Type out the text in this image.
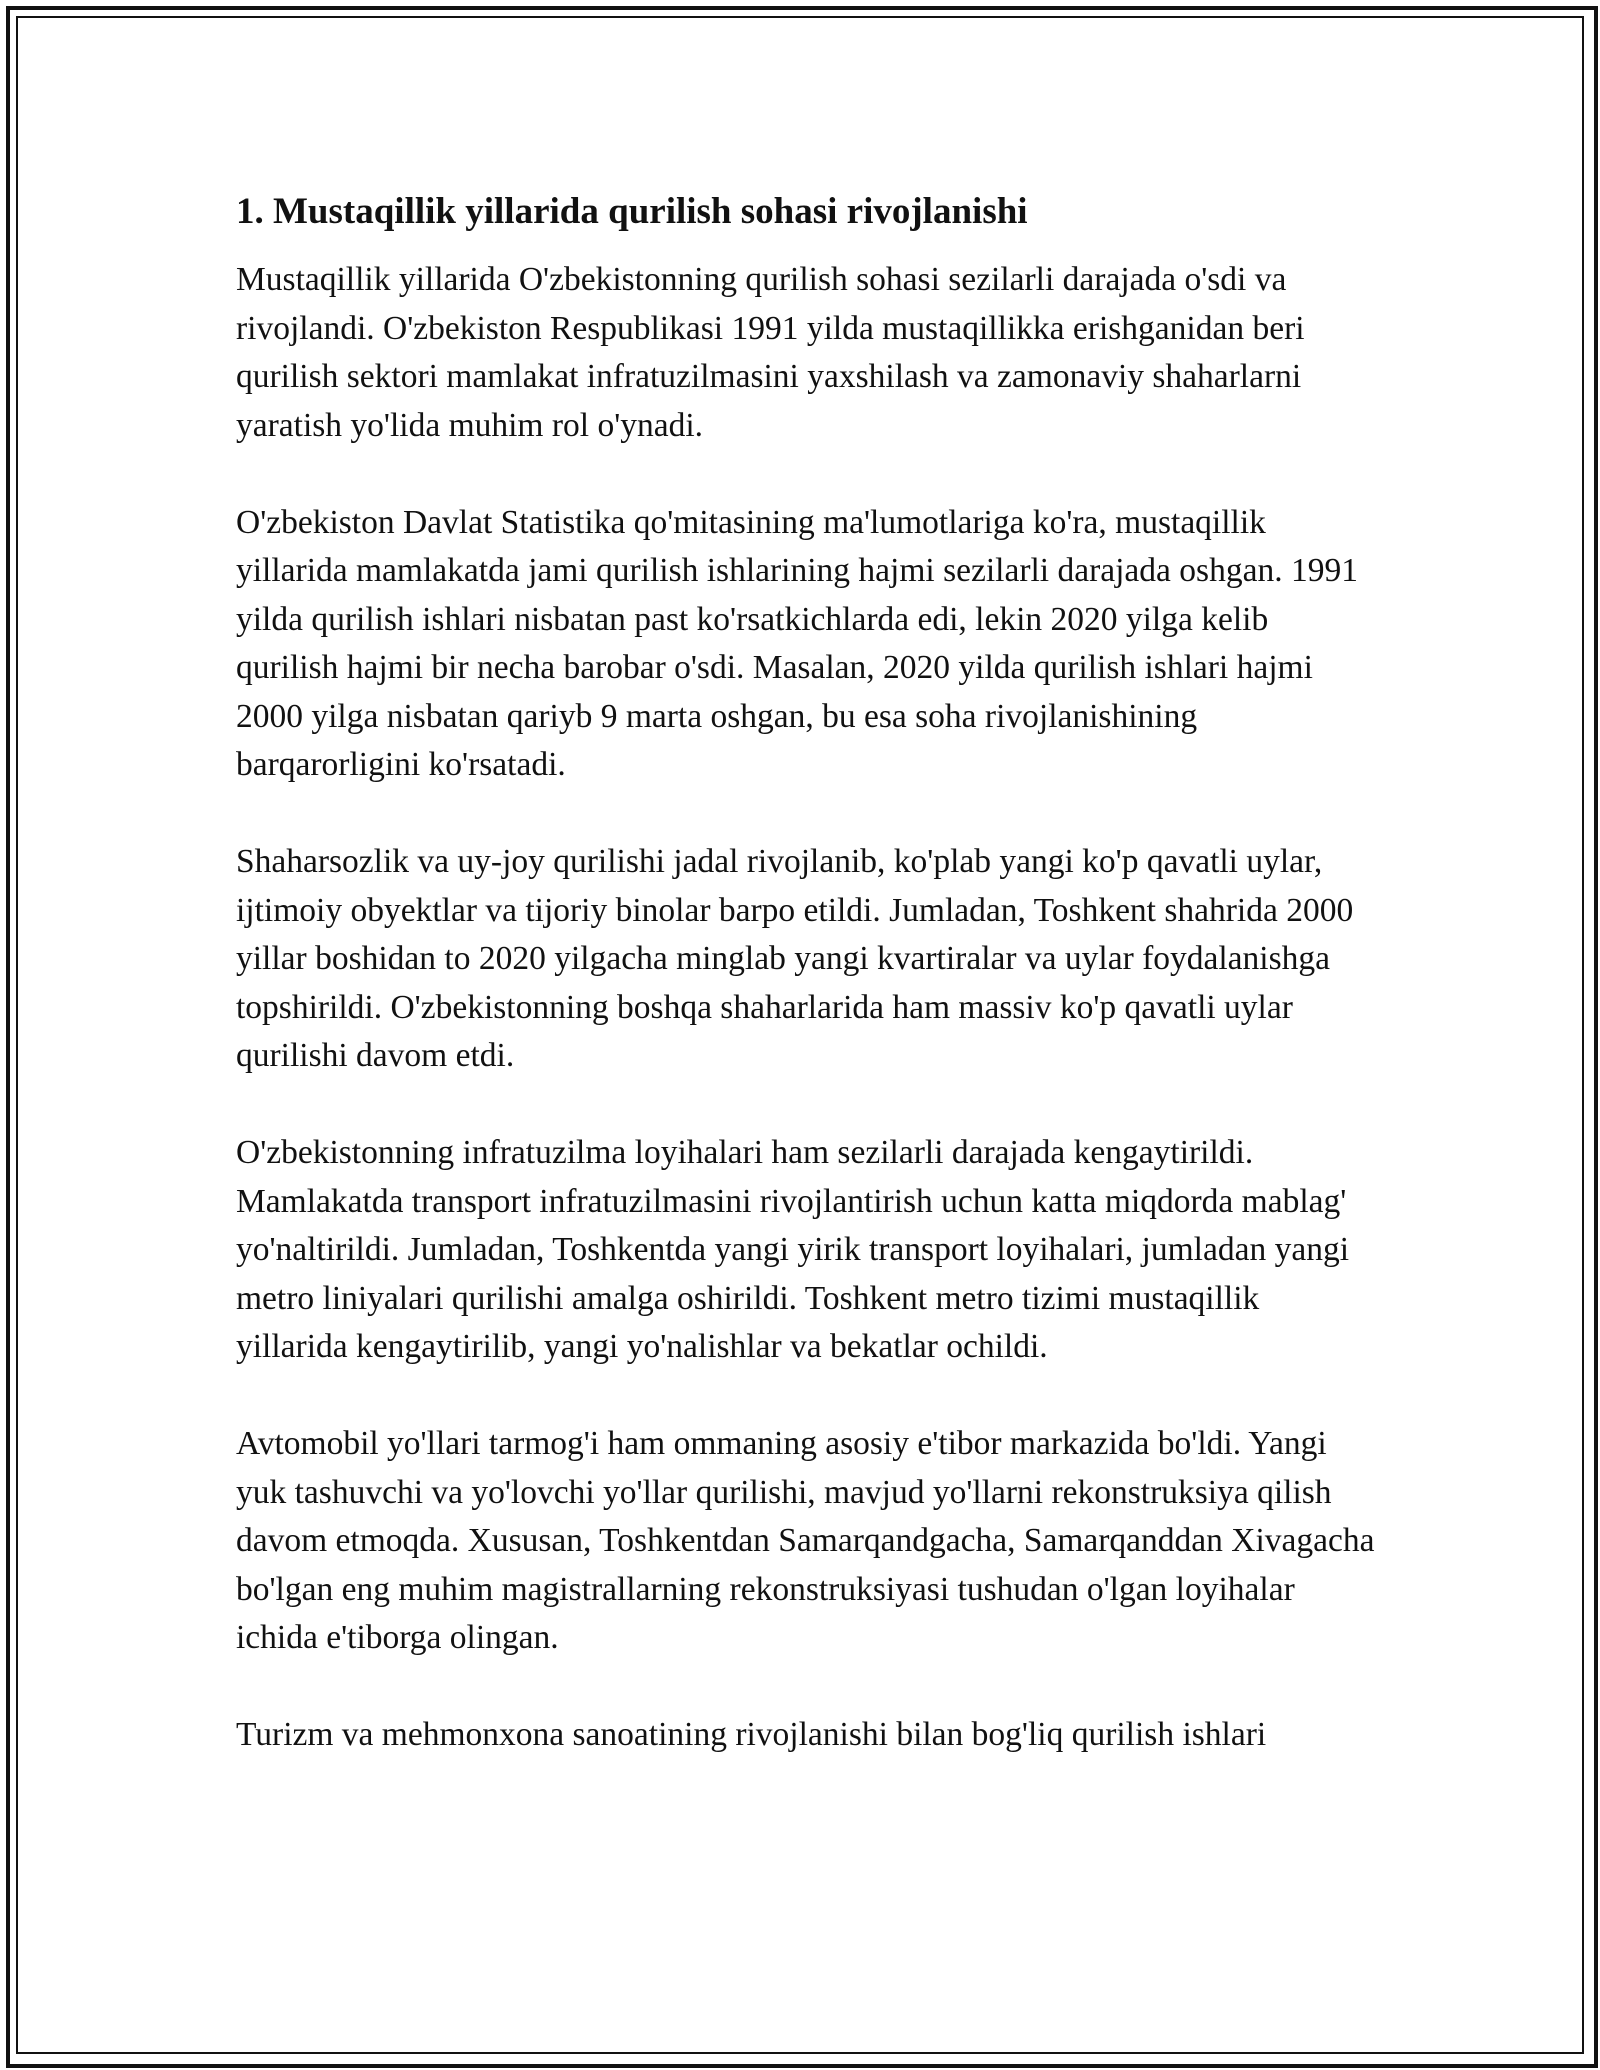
1. Mustaqillik yillarida qurilish sohasi rivojlanishi

Mustaqillik yillarida O'zbekistonning qurilish sohasi sezilarli darajada o'sdi va rivojlandi. O'zbekiston Respublikasi 1991 yilda mustaqillikka erishganidan beri qurilish sektori mamlakat infratuzilmasini yaxshilash va zamonaviy shaharlarni yaratish yo'lida muhim rol o'ynadi.

O'zbekiston Davlat Statistika qo'mitasining ma'lumotlariga ko'ra, mustaqillik yillarida mamlakatda jami qurilish ishlarining hajmi sezilarli darajada oshgan. 1991 yilda qurilish ishlari nisbatan past ko'rsatkichlarda edi, lekin 2020 yilga kelib qurilish hajmi bir necha barobar o'sdi. Masalan, 2020 yilda qurilish ishlari hajmi 2000 yilga nisbatan qariyb 9 marta oshgan, bu esa soha rivojlanishining barqarorligini ko'rsatadi.

Shaharsozlik va uy-joy qurilishi jadal rivojlanib, ko'plab yangi ko'p qavatli uylar, ijtimoiy obyektlar va tijoriy binolar barpo etildi. Jumladan, Toshkent shahrida 2000 yillar boshidan to 2020 yilgacha minglab yangi kvartiralar va uylar foydalanishga topshirildi. O'zbekistonning boshqa shaharlarida ham massiv ko'p qavatli uylar qurilishi davom etdi.

O'zbekistonning infratuzilma loyihalari ham sezilarli darajada kengaytirildi. Mamlakatda transport infratuzilmasini rivojlantirish uchun katta miqdorda mablag' yo'naltirildi. Jumladan, Toshkentda yangi yirik transport loyihalari, jumladan yangi metro liniyalari qurilishi amalga oshirildi. Toshkent metro tizimi mustaqillik yillarida kengaytirilib, yangi yo'nalishlar va bekatlar ochildi.

Avtomobil yo'llari tarmog'i ham ommaning asosiy e'tibor markazida bo'ldi. Yangi yuk tashuvchi va yo'lovchi yo'llar qurilishi, mavjud yo'llarni rekonstruksiya qilish davom etmoqda. Xususan, Toshkentdan Samarqandgacha, Samarqanddan Xivagacha bo'lgan eng muhim magistrallarning rekonstruksiyasi tushudan o'lgan loyihalar ichida e'tiborga olingan.

Turizm va mehmonxona sanoatining rivojlanishi bilan bog'liq qurilish ishlari
